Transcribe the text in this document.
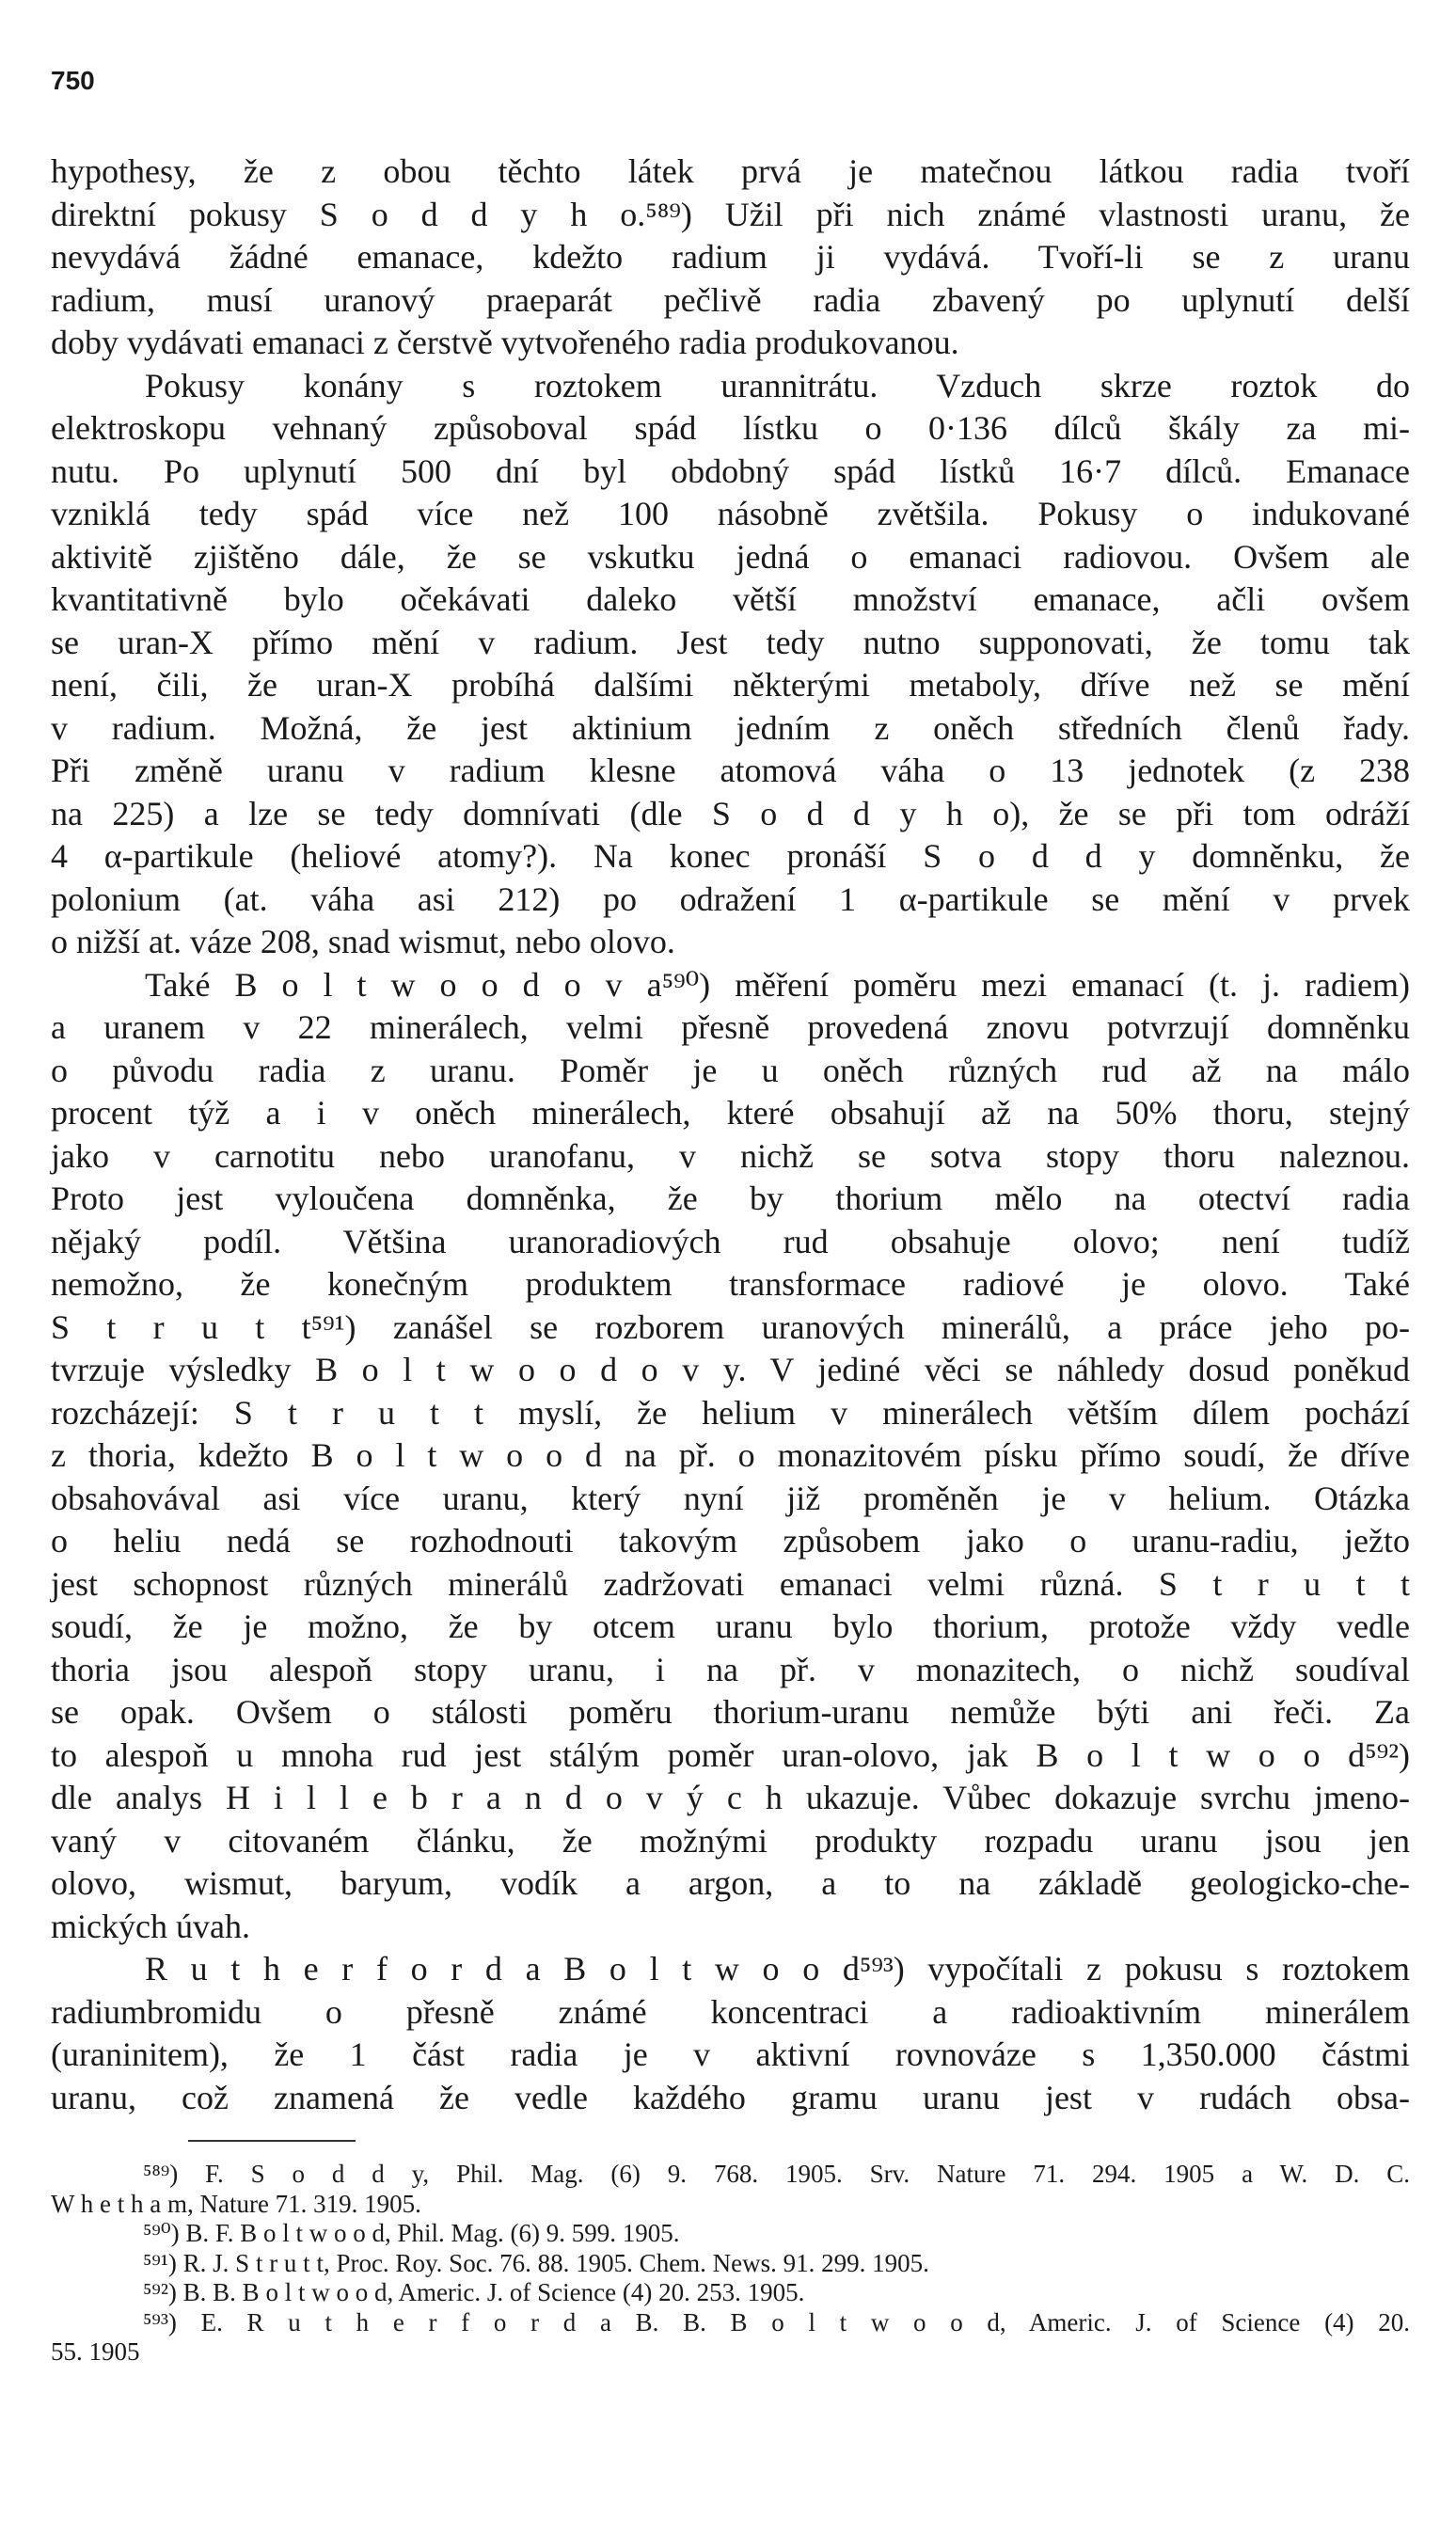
750
hypothesy, že z obou těchto látek prvá je matečnou látkou radia tvoří
direktní pokusy S o d d y h o.⁵⁸⁹) Užil při nich známé vlastnosti uranu, že
nevydává žádné emanace, kdežto radium ji vydává. Tvoří-li se z uranu
radium, musí uranový praeparát pečlivě radia zbavený po uplynutí delší
doby vydávati emanaci z čerstvě vytvořeného radia produkovanou.
Pokusy konány s roztokem urannitrátu. Vzduch skrze roztok do
elektroskopu vehnaný způsoboval spád lístku o 0·136 dílců škály za mi-
nutu. Po uplynutí 500 dní byl obdobný spád lístků 16·7 dílců. Emanace
vzniklá tedy spád více než 100 násobně zvětšila. Pokusy o indukované
aktivitě zjištěno dále, že se vskutku jedná o emanaci radiovou. Ovšem ale
kvantitativně bylo očekávati daleko větší množství emanace, ačli ovšem
se uran-X přímo mění v radium. Jest tedy nutno supponovati, že tomu tak
není, čili, že uran-X probíhá dalšími některými metaboly, dříve než se mění
v radium. Možná, že jest aktinium jedním z oněch středních členů řady.
Při změně uranu v radium klesne atomová váha o 13 jednotek (z 238
na 225) a lze se tedy domnívati (dle S o d d y h o), že se při tom odráží
4 α-partikule (heliové atomy?). Na konec pronáší S o d d y domněnku, že
polonium (at. váha asi 212) po odražení 1 α-partikule se mění v prvek
o nižší at. váze 208, snad wismut, nebo olovo.
Také B o l t w o o d o v a⁵⁹⁰) měření poměru mezi emanací (t. j. radiem)
a uranem v 22 minerálech, velmi přesně provedená znovu potvrzují domněnku
o původu radia z uranu. Poměr je u oněch různých rud až na málo
procent týž a i v oněch minerálech, které obsahují až na 50% thoru, stejný
jako v carnotitu nebo uranofanu, v nichž se sotva stopy thoru naleznou.
Proto jest vyloučena domněnka, že by thorium mělo na otectví radia
nějaký podíl. Většina uranoradiových rud obsahuje olovo; není tudíž
nemožno, že konečným produktem transformace radiové je olovo. Také
S t r u t t⁵⁹¹) zanášel se rozborem uranových minerálů, a práce jeho po-
tvrzuje výsledky B o l t w o o d o v y. V jediné věci se náhledy dosud poněkud
rozcházejí: S t r u t t myslí, že helium v minerálech větším dílem pochází
z thoria, kdežto B o l t w o o d na př. o monazitovém písku přímo soudí, že dříve
obsahovával asi více uranu, který nyní již proměněn je v helium. Otázka
o heliu nedá se rozhodnouti takovým způsobem jako o uranu-radiu, ježto
jest schopnost různých minerálů zadržovati emanaci velmi různá. S t r u t t
soudí, že je možno, že by otcem uranu bylo thorium, protože vždy vedle
thoria jsou alespoň stopy uranu, i na př. v monazitech, o nichž soudíval
se opak. Ovšem o stálosti poměru thorium-uranu nemůže býti ani řeči. Za
to alespoň u mnoha rud jest stálým poměr uran-olovo, jak B o l t w o o d⁵⁹²)
dle analys H i l l e b r a n d o v ý c h ukazuje. Vůbec dokazuje svrchu jmeno-
vaný v citovaném článku, že možnými produkty rozpadu uranu jsou jen
olovo, wismut, baryum, vodík a argon, a to na základě geologicko-che-
mických úvah.
R u t h e r f o r d a B o l t w o o d⁵⁹³) vypočítali z pokusu s roztokem
radiumbromidu o přesně známé koncentraci a radioaktivním minerálem
(uraninitem), že 1 část radia je v aktivní rovnováze s 1,350.000 částmi
uranu, což znamená že vedle každého gramu uranu jest v rudách obsa-
⁵⁸⁹) F. S o d d y, Phil. Mag. (6) 9. 768. 1905. Srv. Nature 71. 294. 1905 a W. D. C.
W h e t h a m, Nature 71. 319. 1905.
⁵⁹⁰) B. F. B o l t w o o d, Phil. Mag. (6) 9. 599. 1905.
⁵⁹¹) R. J. S t r u t t, Proc. Roy. Soc. 76. 88. 1905. Chem. News. 91. 299. 1905.
⁵⁹²) B. B. B o l t w o o d, Americ. J. of Science (4) 20. 253. 1905.
⁵⁹³) E. R u t h e r f o r d a B. B. B o l t w o o d, Americ. J. of Science (4) 20.
55. 1905
